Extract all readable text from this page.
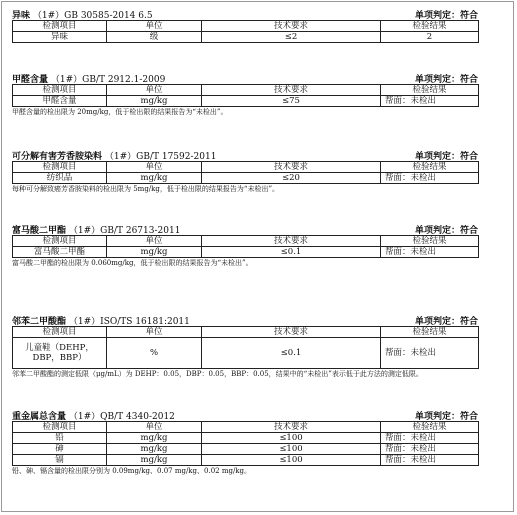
异味 （1#）GB 30585-2014 6.5	单项判定：符合
检测项目	单位	技术要求	检验结果
异味	级	≤2	2
甲醛含量 （1#）GB/T 2912.1-2009	单项判定：符合
检测项目	单位	技术要求	检验结果
甲醛含量	mg/kg	≤75	帮面：未检出
甲醛含量的检出限为 20mg/kg，低于检出限的结果报告为“未检出”。
可分解有害芳香胺染料 （1#）GB/T 17592-2011	单项判定：符合
检测项目	单位	技术要求	检验结果
纺织品	mg/kg	≤20	帮面：未检出
每种可分解致癌芳香胺染料的检出限为 5mg/kg，低于检出限的结果报告为“未检出”。
富马酸二甲酯 （1#）GB/T 26713-2011	单项判定：符合
检测项目	单位	技术要求	检验结果
富马酸二甲酯	mg/kg	≤0.1	帮面：未检出
富马酸二甲酯的检出限为 0.060mg/kg，低于检出限的结果报告为“未检出”。
邻苯二甲酸酯 （1#）ISO/TS 16181:2011	单项判定：符合
检测项目	单位	技术要求	检验结果
儿童鞋（DEHP，DBP，BBP）	%	≤0.1	帮面：未检出
邻苯二甲酸酯的测定低限（μg/mL）为 DEHP：0.05，DBP：0.05，BBP：0.05，结果中的“未检出”表示低于此方法的测定低限。
重金属总含量 （1#）QB/T 4340-2012	单项判定：符合
检测项目	单位	技术要求	检验结果
铅	mg/kg	≤100	帮面：未检出
砷	mg/kg	≤100	帮面：未检出
镉	mg/kg	≤100	帮面：未检出
铅、砷、镉含量的检出限分别为 0.09mg/kg、0.07 mg/kg、0.02 mg/kg。
